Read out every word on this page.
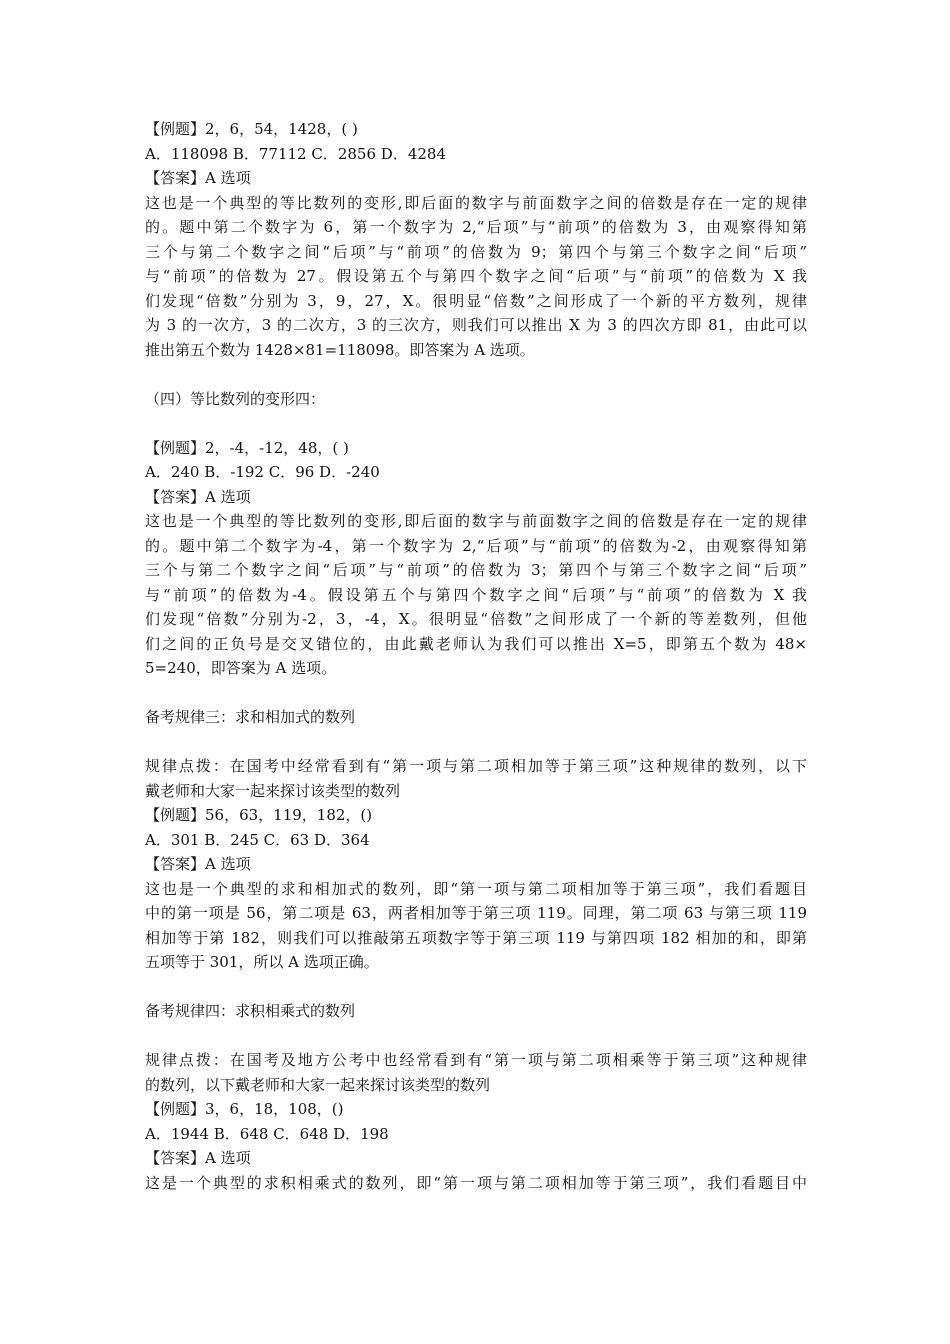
【例题】2，6，54，1428，( )
A．118098 B．77112 C．2856 D．4284
【答案】A 选项
这也是一个典型的等比数列的变形,即后面的数字与前面数字之间的倍数是存在一定的规律
的。题中第二个数字为 6，第一个数字为 2,“后项”与“前项”的倍数为 3，由观察得知第
三个与第二个数字之间“后项”与“前项”的倍数为 9；第四个与第三个数字之间“后项”
与“前项”的倍数为 27。假设第五个与第四个数字之间“后项”与“前项”的倍数为 X 我
们发现“倍数”分别为 3，9，27，X。很明显“倍数”之间形成了一个新的平方数列，规律
为 3 的一次方，3 的二次方，3 的三次方，则我们可以推出 X 为 3 的四次方即 81，由此可以
推出第五个数为 1428×81=118098。即答案为 A 选项。
（四）等比数列的变形四：
【例题】2，-4，-12，48，( )
A．240 B．-192 C．96 D．-240
【答案】A 选项
这也是一个典型的等比数列的变形,即后面的数字与前面数字之间的倍数是存在一定的规律
的。题中第二个数字为-4，第一个数字为 2,“后项”与“前项”的倍数为-2，由观察得知第
三个与第二个数字之间“后项”与“前项”的倍数为 3；第四个与第三个数字之间“后项”
与“前项”的倍数为-4。假设第五个与第四个数字之间“后项”与“前项”的倍数为 X 我
们发现“倍数”分别为-2，3，-4，X。很明显“倍数”之间形成了一个新的等差数列，但他
们之间的正负号是交叉错位的，由此戴老师认为我们可以推出 X=5，即第五个数为 48×
5=240，即答案为 A 选项。
备考规律三：求和相加式的数列
规律点拨：在国考中经常看到有“第一项与第二项相加等于第三项”这种规律的数列，以下
戴老师和大家一起来探讨该类型的数列
【例题】56，63，119，182，()
A．301 B．245 C．63 D．364
【答案】A 选项
这也是一个典型的求和相加式的数列，即“第一项与第二项相加等于第三项”，我们看题目
中的第一项是 56，第二项是 63，两者相加等于第三项 119。同理，第二项 63 与第三项 119
相加等于第 182，则我们可以推敲第五项数字等于第三项 119 与第四项 182 相加的和，即第
五项等于 301，所以 A 选项正确。
备考规律四：求积相乘式的数列
规律点拨：在国考及地方公考中也经常看到有“第一项与第二项相乘等于第三项”这种规律
的数列，以下戴老师和大家一起来探讨该类型的数列
【例题】3，6，18，108，()
A．1944 B．648 C．648 D．198
【答案】A 选项
这是一个典型的求积相乘式的数列，即“第一项与第二项相加等于第三项”，我们看题目中
